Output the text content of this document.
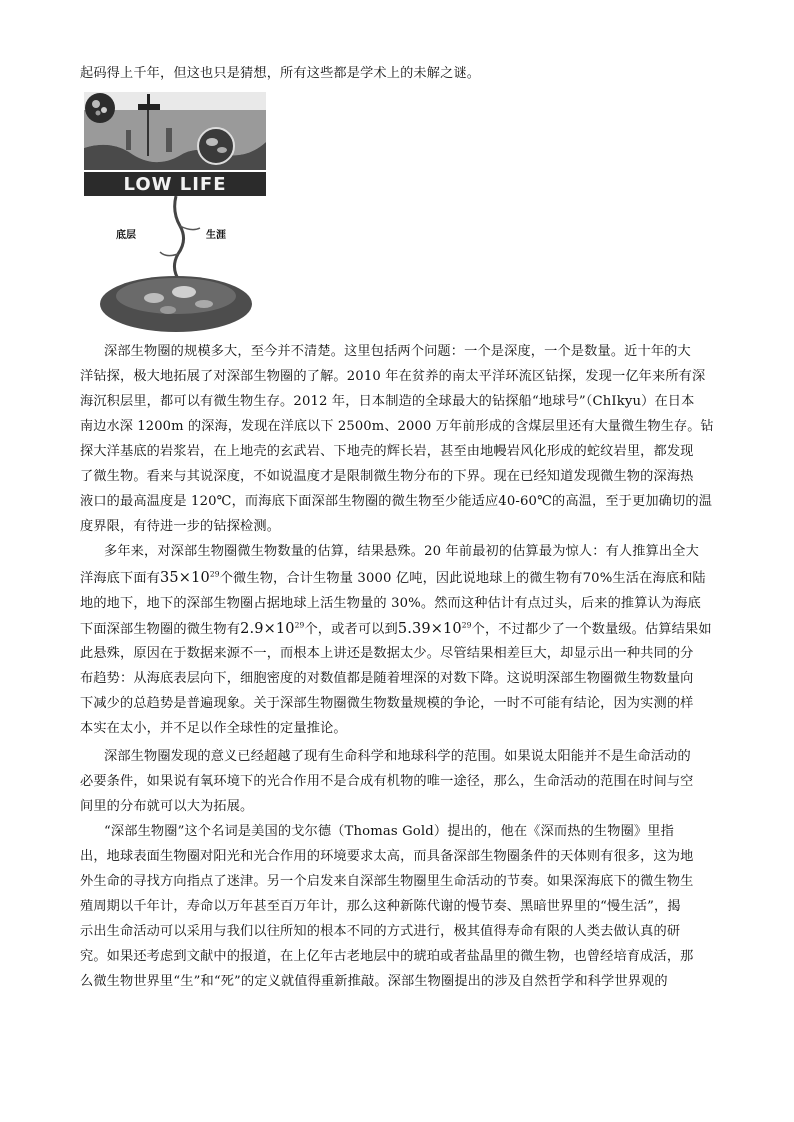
起码得上千年，但这也只是猜想，所有这些都是学术上的未解之谜。
LOW LIFE
底层	生涯
深部生物圈的规模多大，至今并不清楚。这里包括两个问题：一个是深度，一个是数量。近十年的大
洋钻探，极大地拓展了对深部生物圈的了解。2010 年在贫养的南太平洋环流区钻探，发现一亿年来所有深
海沉积层里，都可以有微生物生存。2012 年，日本制造的全球最大的钻探船“地球号”（ChIkyu）在日本
南边水深 1200m 的深海，发现在洋底以下 2500m、2000 万年前形成的含煤层里还有大量微生物生存。钻
探大洋基底的岩浆岩，在上地壳的玄武岩、下地壳的辉长岩，甚至由地幔岩风化形成的蛇纹岩里，都发现
了微生物。看来与其说深度，不如说温度才是限制微生物分布的下界。现在已经知道发现微生物的深海热
液口的最高温度是 120℃，而海底下面深部生物圈的微生物至少能适应40-60℃的高温，至于更加确切的温
度界限，有待进一步的钻探检测。
多年来，对深部生物圈微生物数量的估算，结果悬殊。20 年前最初的估算最为惊人：有人推算出全大
洋海底下面有$35\times 10^{29}$个微生物，合计生物量 3000 亿吨，因此说地球上的微生物有70%生活在海底和陆
地的地下，地下的深部生物圈占据地球上活生物量的 30%。然而这种估计有点过头，后来的推算认为海底
下面深部生物圈的微生物有$2.9\times 10^{29}$个，或者可以到$5.39\times 10^{29}$个，不过都少了一个数量级。估算结果如
此悬殊，原因在于数据来源不一，而根本上讲还是数据太少。尽管结果相差巨大，却显示出一种共同的分
布趋势：从海底表层向下，细胞密度的对数值都是随着埋深的对数下降。这说明深部生物圈微生物数量向
下减少的总趋势是普遍现象。关于深部生物圈微生物数量规模的争论，一时不可能有结论，因为实测的样
本实在太小，并不足以作全球性的定量推论。
深部生物圈发现的意义已经超越了现有生命科学和地球科学的范围。如果说太阳能并不是生命活动的
必要条件，如果说有氧环境下的光合作用不是合成有机物的唯一途径，那么，生命活动的范围在时间与空
间里的分布就可以大为拓展。
“深部生物圈”这个名词是美国的戈尔德（Thomas Gold）提出的，他在《深而热的生物圈》里指
出，地球表面生物圈对阳光和光合作用的环境要求太高，而具备深部生物圈条件的天体则有很多，这为地
外生命的寻找方向指点了迷津。另一个启发来自深部生物圈里生命活动的节奏。如果深海底下的微生物生
殖周期以千年计，寿命以万年甚至百万年计，那么这种新陈代谢的慢节奏、黑暗世界里的“慢生活”，揭
示出生命活动可以采用与我们以往所知的根本不同的方式进行，极其值得寿命有限的人类去做认真的研
究。如果还考虑到文献中的报道，在上亿年古老地层中的琥珀或者盐晶里的微生物，也曾经培育成活，那
么微生物世界里“生”和“死”的定义就值得重新推敲。深部生物圈提出的涉及自然哲学和科学世界观的
